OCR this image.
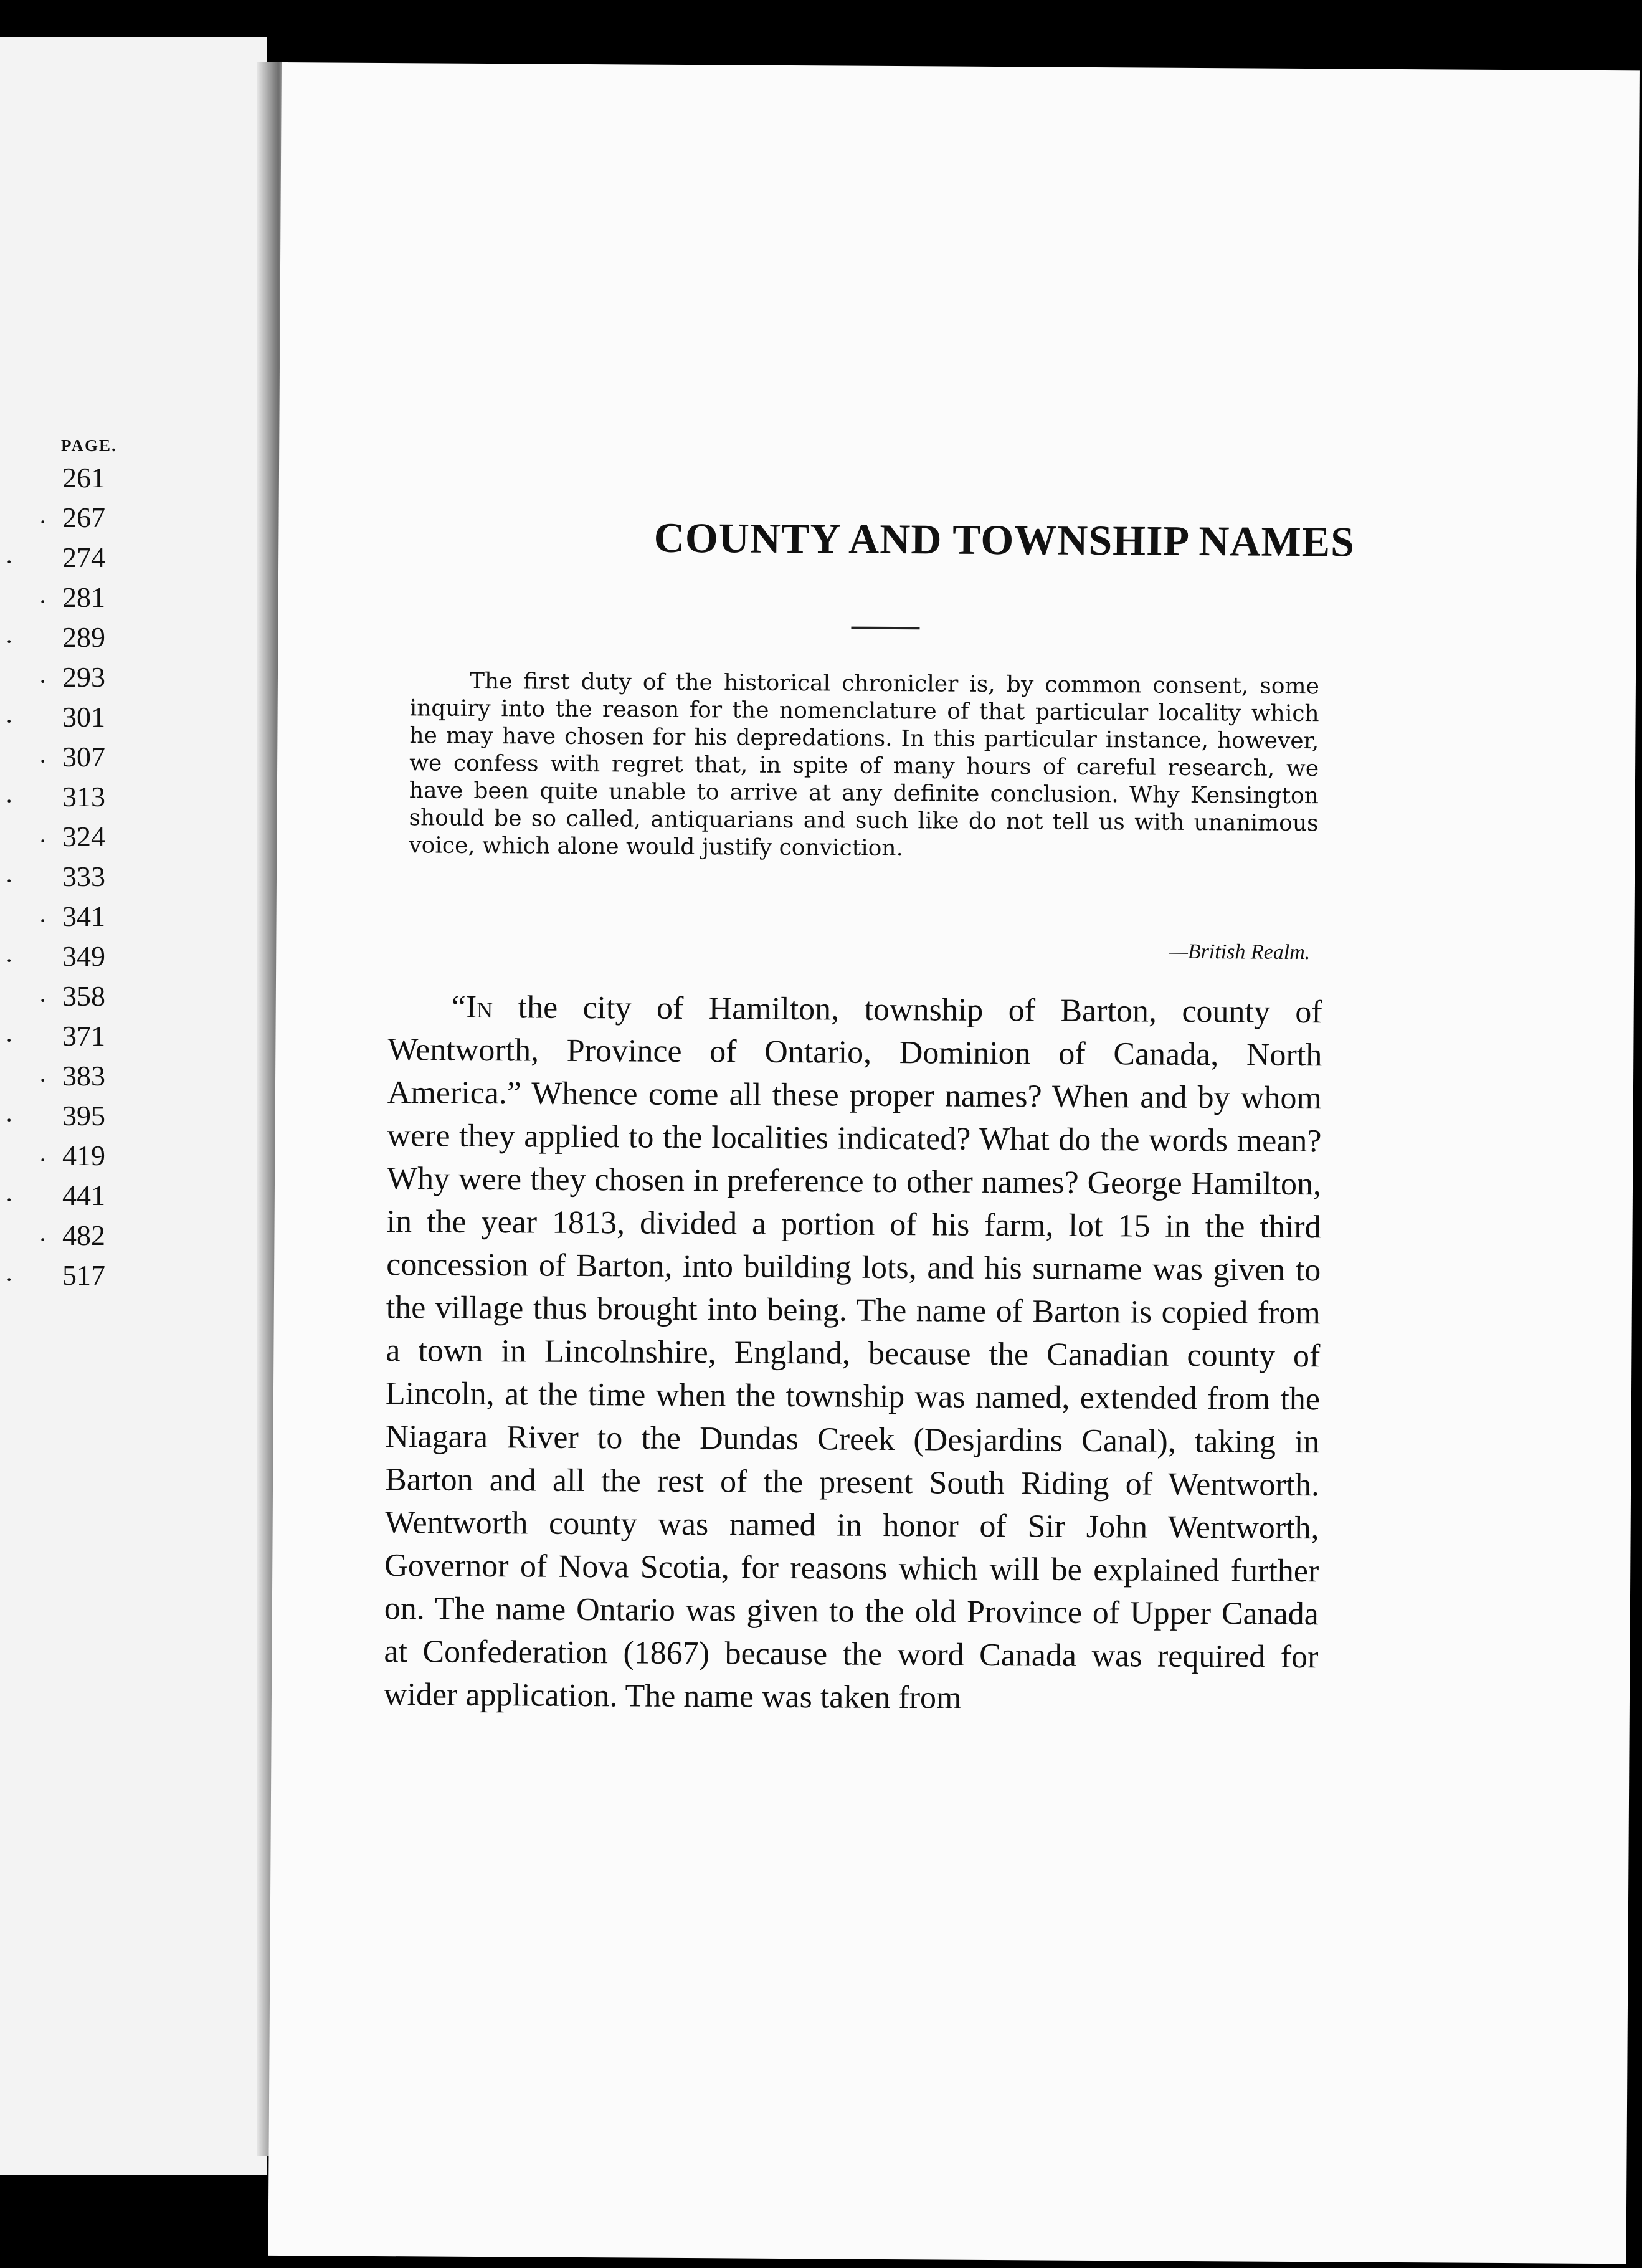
PAGE.
261
· 267
· 274
· 281
· 289
· 293
· 301
· 307
· 313
· 324
· 333
· 341
· 349
· 358
· 371
· 383
· 395
· 419
· 441
· 482
· 517
COUNTY AND TOWNSHIP NAMES
The first duty of the historical chronicler is, by common consent, some inquiry into the reason for the nomenclature of that particular locality which he may have chosen for his depredations. In this particular instance, however, we confess with regret that, in spite of many hours of careful research, we have been quite unable to arrive at any definite conclusion. Why Kensington should be so called, antiquarians and such like do not tell us with unanimous voice, which alone would justify conviction.
—British Realm.
“In the city of Hamilton, township of Barton, county of Wentworth, Province of Ontario, Dominion of Canada, North America.” Whence come all these proper names? When and by whom were they applied to the localities indicated? What do the words mean? Why were they chosen in preference to other names? George Hamilton, in the year 1813, divided a portion of his farm, lot 15 in the third concession of Barton, into building lots, and his surname was given to the village thus brought into being. The name of Barton is copied from a town in Lincolnshire, England, because the Canadian county of Lincoln, at the time when the township was named, extended from the Niagara River to the Dundas Creek (Desjardins Canal), taking in Barton and all the rest of the present South Riding of Wentworth. Wentworth county was named in honor of Sir John Wentworth, Governor of Nova Scotia, for reasons which will be explained further on. The name Ontario was given to the old Province of Upper Canada at Confederation (1867) because the word Canada was required for wider application. The name was taken from
